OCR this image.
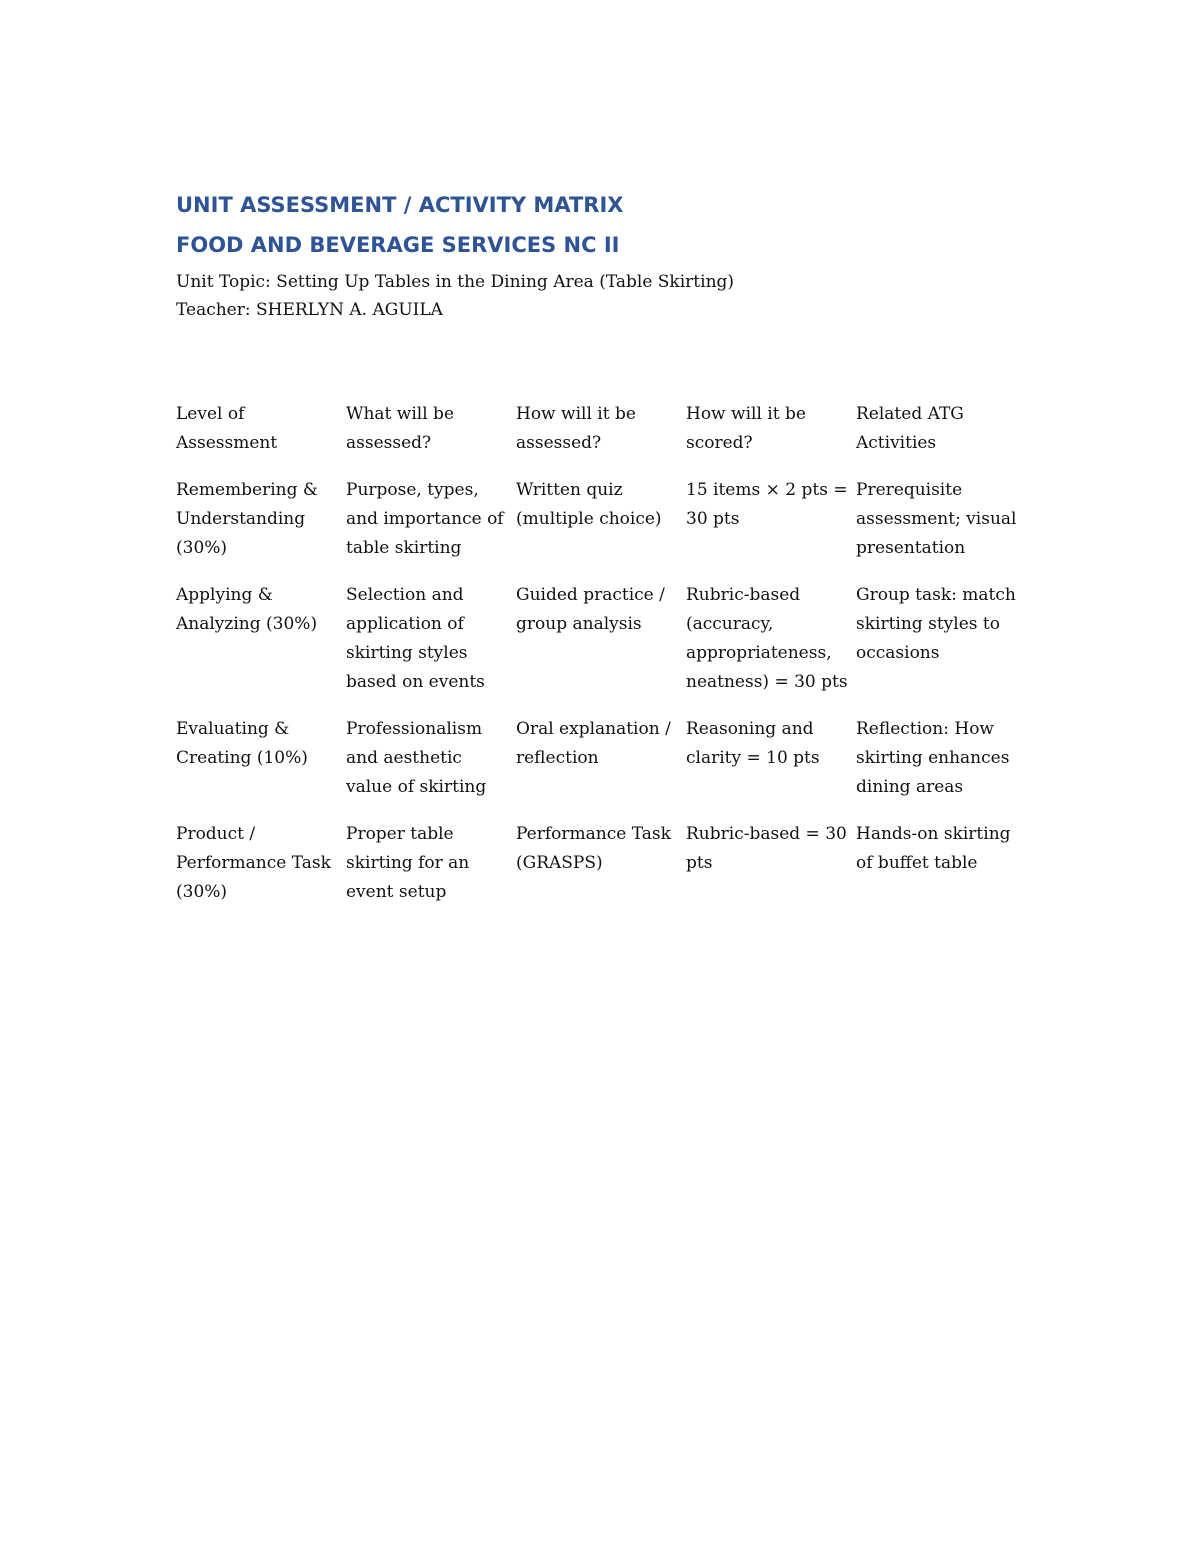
UNIT ASSESSMENT / ACTIVITY MATRIX
FOOD AND BEVERAGE SERVICES NC II
Unit Topic: Setting Up Tables in the Dining Area (Table Skirting)
Teacher: SHERLYN A. AGUILA
Level of Assessment	What will be assessed?	How will it be assessed?	How will it be scored?	Related ATG Activities
Remembering & Understanding (30%)	Purpose, types, and importance of table skirting	Written quiz (multiple choice)	15 items × 2 pts = 30 pts	Prerequisite assessment; visual presentation
Applying & Analyzing (30%)	Selection and application of skirting styles based on events	Guided practice / group analysis	Rubric-based (accuracy, appropriateness, neatness) = 30 pts	Group task: match skirting styles to occasions
Evaluating & Creating (10%)	Professionalism and aesthetic value of skirting	Oral explanation / reflection	Reasoning and clarity = 10 pts	Reflection: How skirting enhances dining areas
Product / Performance Task (30%)	Proper table skirting for an event setup	Performance Task (GRASPS)	Rubric-based = 30 pts	Hands-on skirting of buffet table
